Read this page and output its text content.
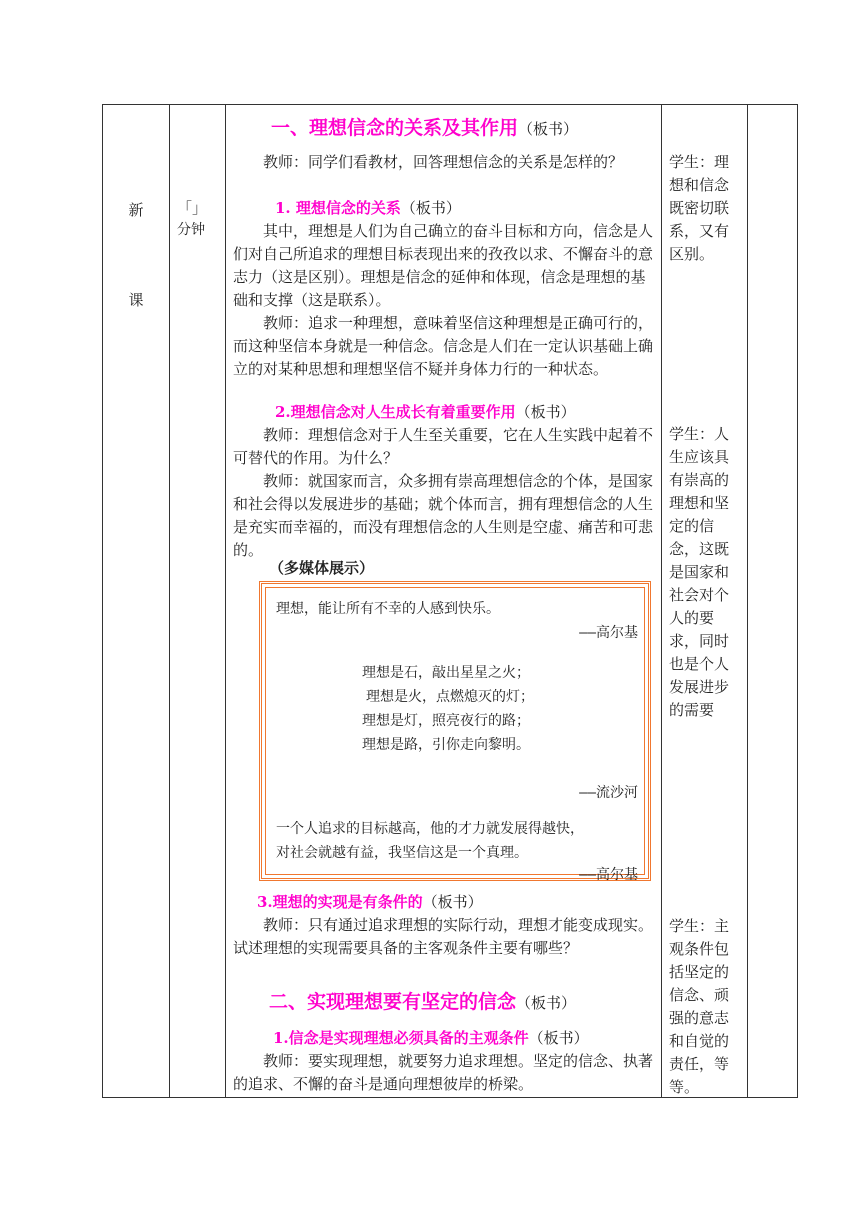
新
课
「」
分钟
一、理想信念的关系及其作用（板书）

教师：同学们看教材，回答理想信念的关系是怎样的？

1. 理想信念的关系（板书）

其中，理想是人们为自己确立的奋斗目标和方向，信念是人们对自己所追求的理想目标表现出来的孜孜以求、不懈奋斗的意志力（这是区别）。理想是信念的延伸和体现，信念是理想的基础和支撑（这是联系）。

教师：追求一种理想，意味着坚信这种理想是正确可行的，而这种坚信本身就是一种信念。信念是人们在一定认识基础上确立的对某种思想和理想坚信不疑并身体力行的一种状态。

2.理想信念对人生成长有着重要作用（板书）

教师：理想信念对于人生至关重要，它在人生实践中起着不可替代的作用。为什么？

教师：就国家而言，众多拥有崇高理想信念的个体，是国家和社会得以发展进步的基础；就个体而言，拥有理想信念的人生是充实而幸福的，而没有理想信念的人生则是空虚、痛苦和可悲的。

（多媒体展示）
理想，能让所有不幸的人感到快乐。
——高尔基
理想是石，敲出星星之火；
理想是火，点燃熄灭的灯；
理想是灯，照亮夜行的路；
理想是路，引你走向黎明。
——流沙河
一个人追求的目标越高，他的才力就发展得越快，
对社会就越有益，我坚信这是一个真理。
——高尔基
3.理想的实现是有条件的（板书）

教师：只有通过追求理想的实际行动，理想才能变成现实。试述理想的实现需要具备的主客观条件主要有哪些？

二、实现理想要有坚定的信念（板书）
1.信念是实现理想必须具备的主观条件（板书）

教师：要实现理想，就要努力追求理想。坚定的信念、执著的追求、不懈的奋斗是通向理想彼岸的桥梁。

学生：理想和信念既密切联系，又有区别。
学生：人生应该具有崇高的理想和坚定的信念，这既是国家和社会对个人的要求，同时也是个人发展进步的需要
学生：主观条件包括坚定的信念、顽强的意志和自觉的责任，等等。
